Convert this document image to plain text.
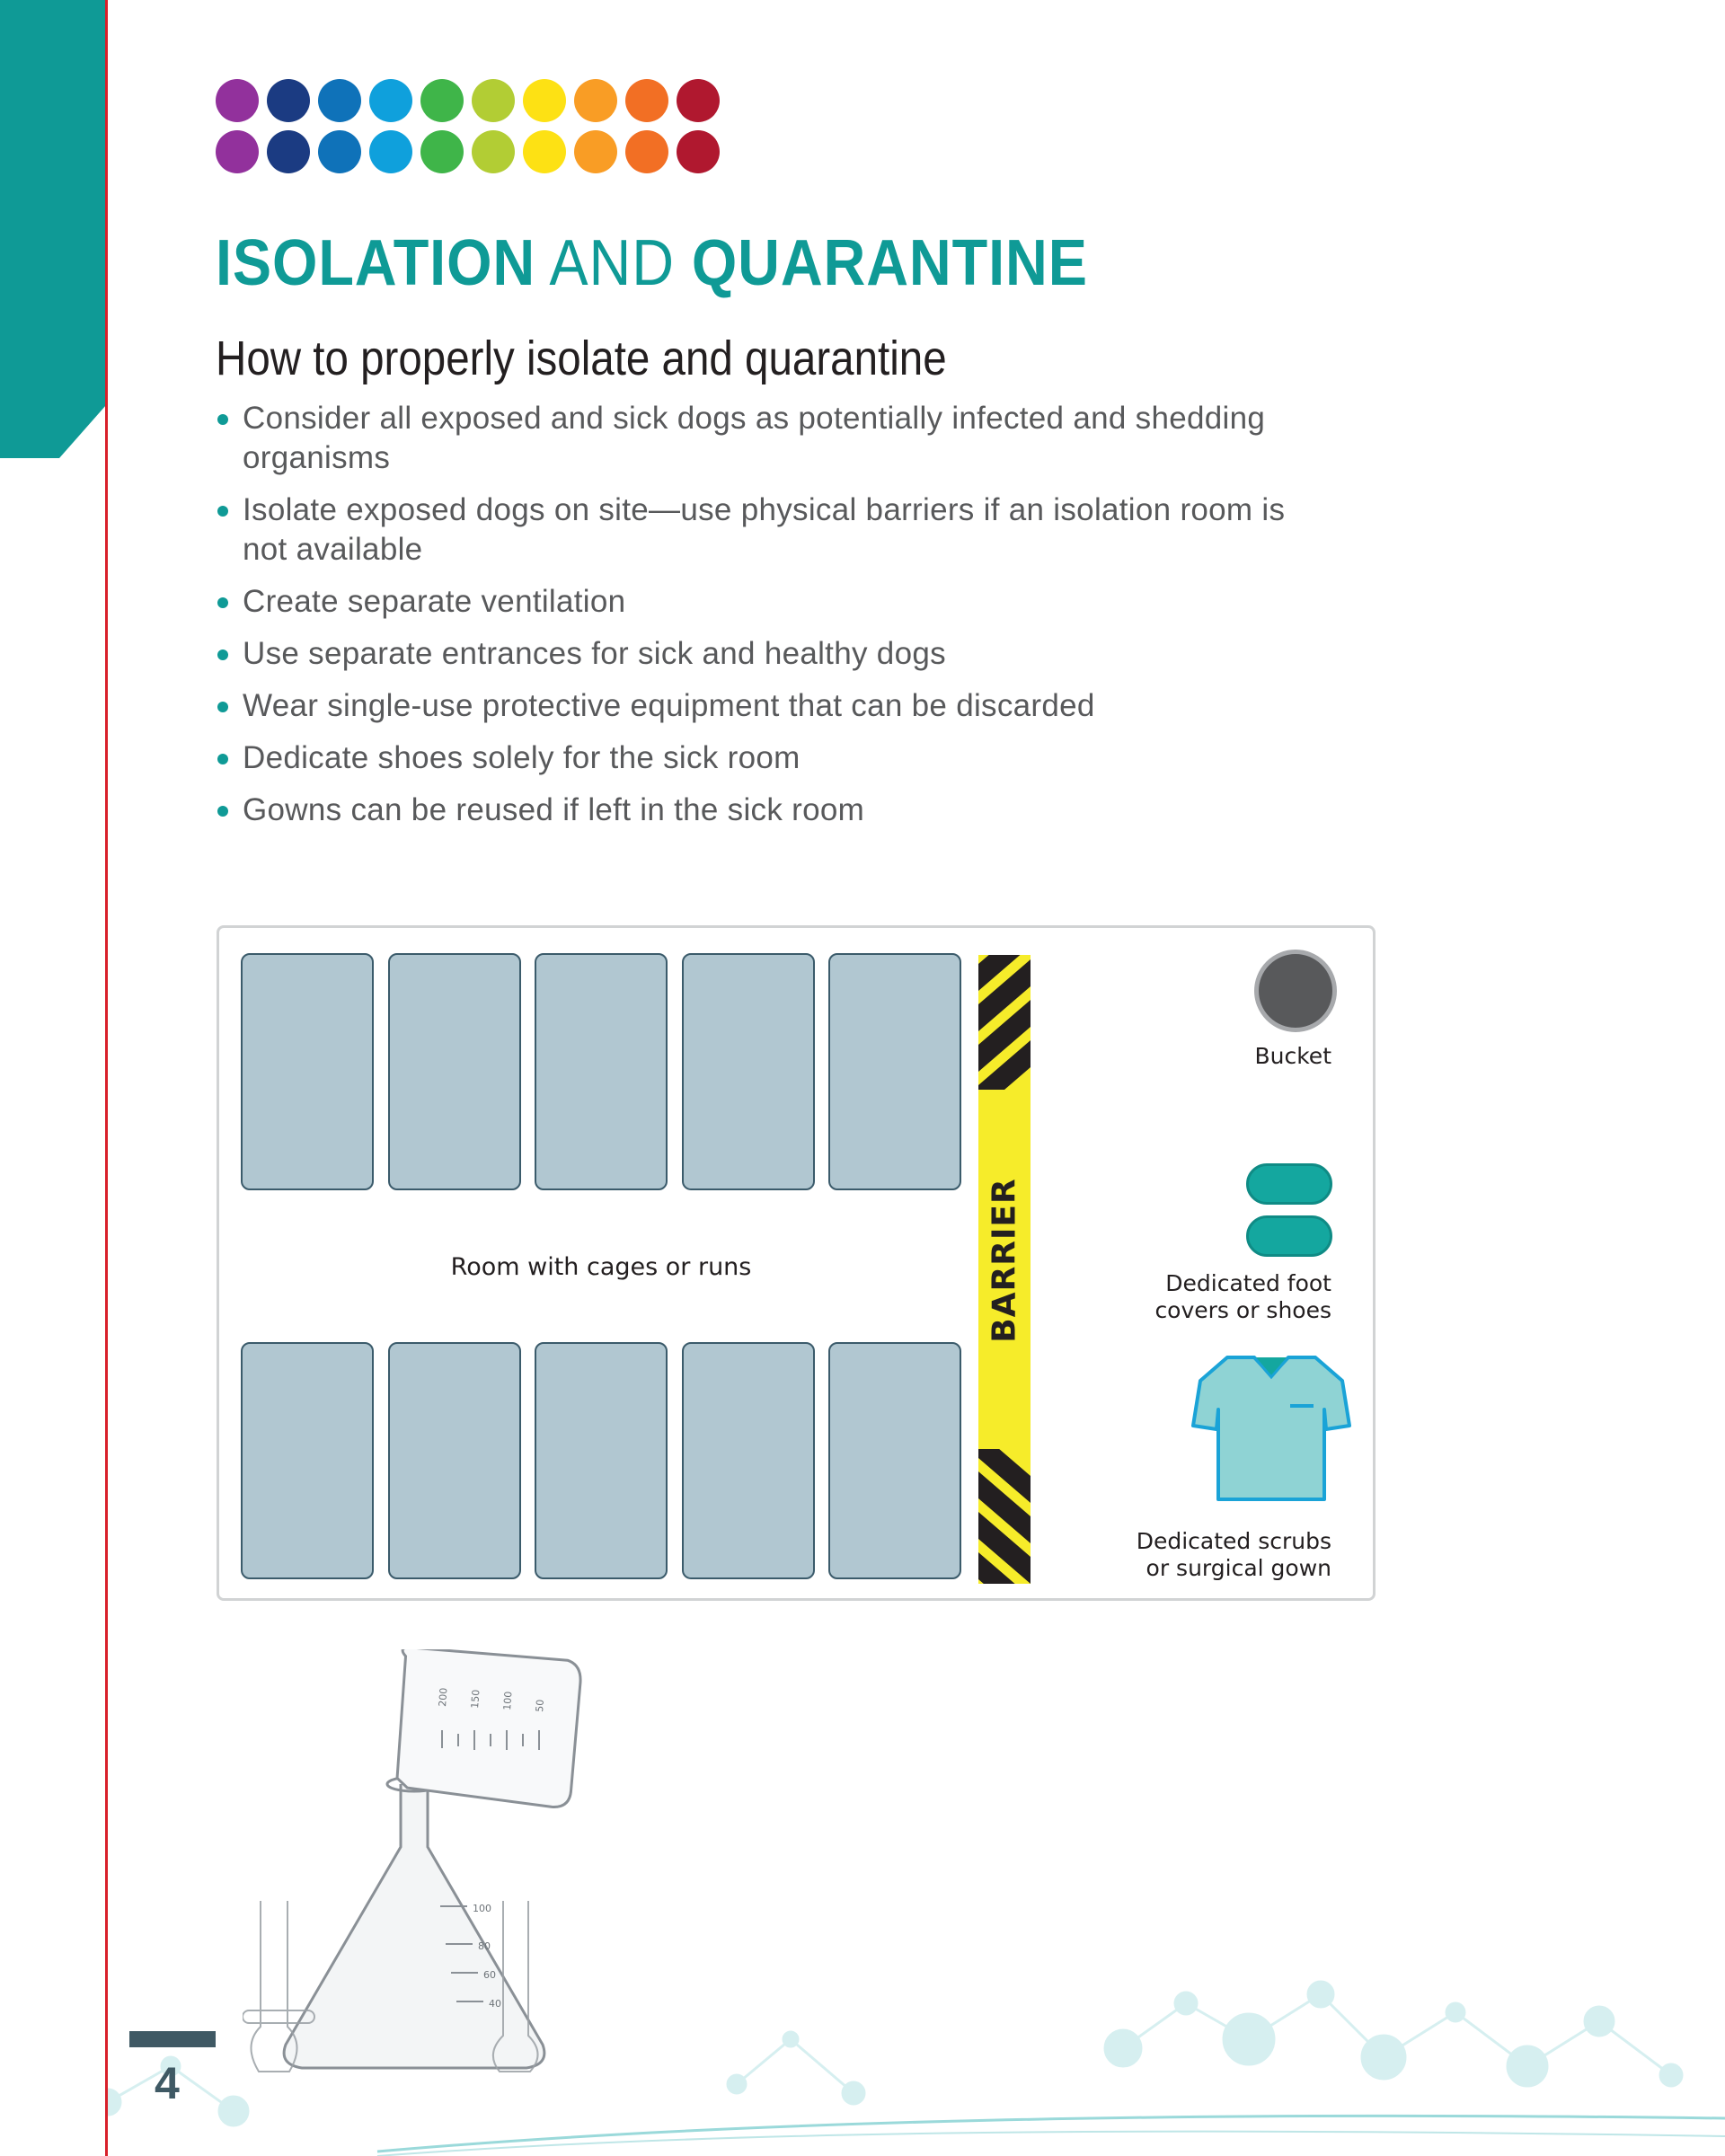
ISOLATION AND QUARANTINE
How to properly isolate and quarantine
Consider all exposed and sick dogs as potentially infected and shedding organisms
Isolate exposed dogs on site—use physical barriers if an isolation room is not available
Create separate ventilation
Use separate entrances for sick and healthy dogs
Wear single-use protective equipment that can be discarded
Dedicate shoes solely for the sick room
Gowns can be reused if left in the sick room
Room with cages or runs	BARRIER
Bucket
Dedicated foot
covers or shoes
Dedicated scrubs
or surgical gown
200 150 100 50
100
80
60
40
4
